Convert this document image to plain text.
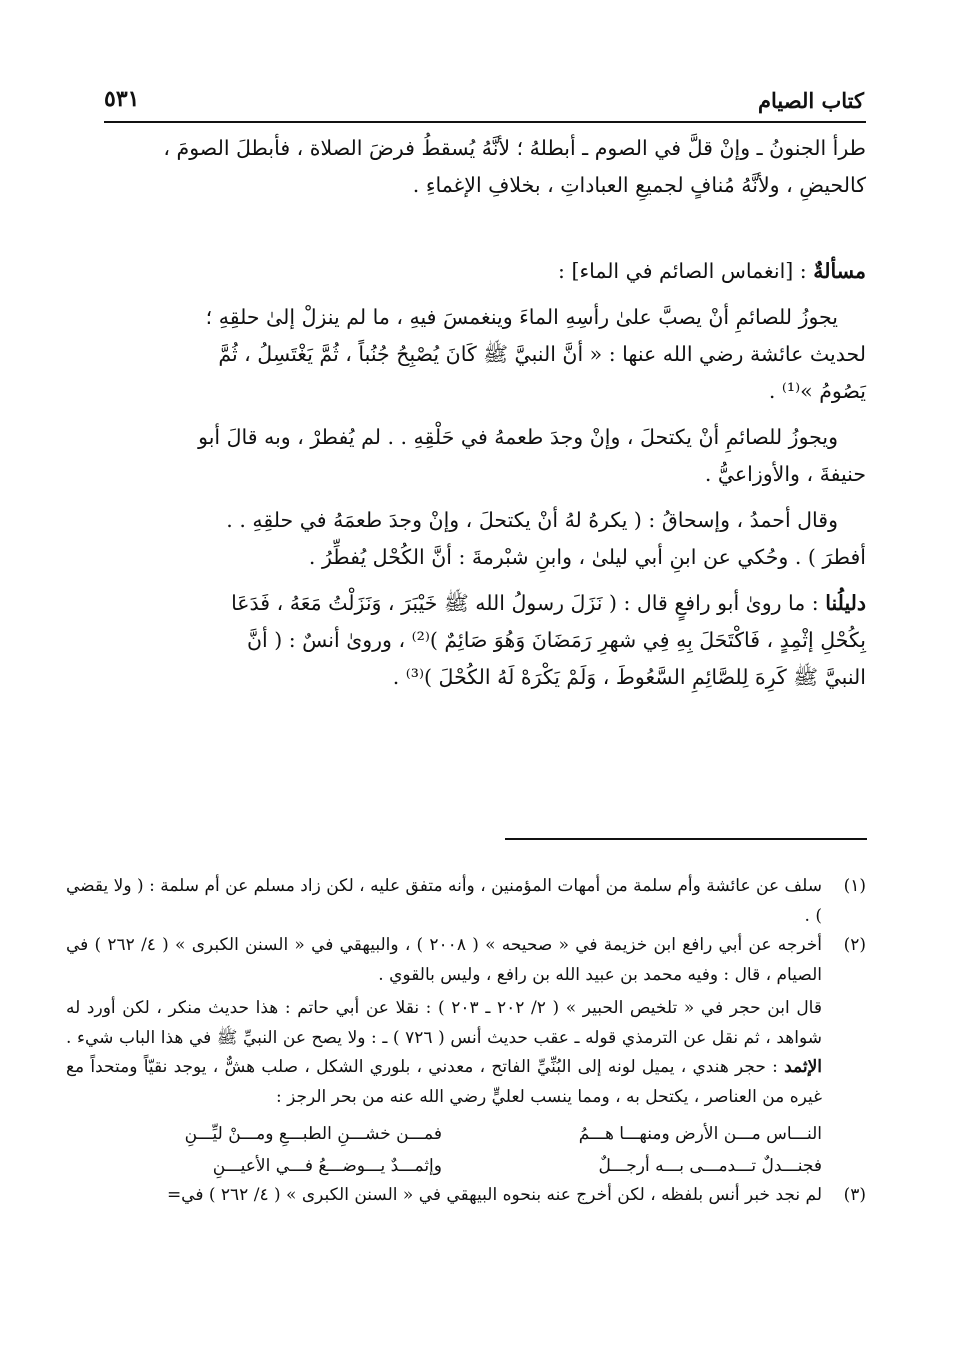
كتاب الصيام
٥٣١

طرأ الجنونُ ـ وإنْ قلَّ في الصوم ـ أبطلهُ ؛ لأنَّهُ يُسقطُ فرضَ الصلاة ، فأبطلَ الصومَ ،
كالحيضِ ، ولأنَّهُ مُنافٍ لجميعِ العباداتِ ، بخلافِ الإغماءِ .

مسألةٌ : [انغماس الصائم في الماء] :

يجوزُ للصائمِ أنْ يصبَّ علىٰ رأسِهِ الماءَ وينغمسَ فيهِ ، ما لم ينزلْ إلىٰ حلقِهِ ؛

لحديث عائشة رضي الله عنها : « أنَّ النبيَّ ﷺ كَانَ يُصْبِحُ جُنُباً ، ثُمَّ يَغْتَسِلُ ، ثُمَّ
يَصُومُ »⁽¹⁾ .

ويجوزُ للصائمِ أنْ يكتحلَ ، وإنْ وجدَ طعمهُ في حَلْقِهِ . . لم يُفطرْ ، وبه قالَ أبو

حنيفةَ ، والأوزاعيُّ .

وقال أحمدُ ، وإسحاقُ : ( يكرهُ لهُ أنْ يكتحلَ ، وإنْ وجدَ طعمَهُ في حلقِهِ . .

أفطرَ ) . وحُكي عن ابنِ أبي ليلىٰ ، وابنِ شبْرمةَ : أنَّ الكُحْل يُفطِّرُ .

دليلُنا : ما روىٰ أبو رافعٍ قال : ( نَزَلَ رسولُ الله ﷺ خَيْبَرَ ، وَنَزَلْتُ مَعَهُ ، فَدَعَا
بِكُحْلِ إثْمِدٍ ، فَاكْتَحَلَ بِهِ فِي شهرِ رَمَضَانَ وَهُوَ صَائِمٌ )⁽²⁾ ، وروىٰ أنسٌ : ( أنَّ
النبيَّ ﷺ كَرِهَ لِلصَّائِمِ السَّعُوطَ ، وَلَمْ يَكْرَهْ لَهُ الكُحْلَ )⁽³⁾ .

(١)
سلف عن عائشة وأم سلمة من أمهات المؤمنين ، وأنه متفق عليه ، لكن زاد مسلم عن أم سلمة : ( ولا يقضي ) .
(٢)
أخرجه عن أبي رافع ابن خزيمة في « صحيحه » ( ٢٠٠٨ ) ، والبيهقي في « السنن الكبرى » ( ٤/ ٢٦٢ ) في الصيام ، قال : وفيه محمد بن عبيد الله بن رافع ، وليس بالقوي .
قال ابن حجر في « تلخيص الحبير » ( ٢/ ٢٠٢ ـ ٢٠٣ ) : نقلا عن أبي حاتم : هذا حديث منكر ، لكن أورد له شواهد ، ثم نقل عن الترمذي قوله ـ عقب حديث أنس ( ٧٢٦ ) ـ : ولا يصح عن النبيِّ ﷺ في هذا الباب شيء . الإثمد : حجر هندي ، يميل لونه إلى البُنِّيِّ الفاتح ، معدني ، بلوري الشكل ، صلب هشٌّ ، يوجد نقيّاً ومتحداً مع غيره من العناصر ، يكتحل به ، ومما ينسب لعليٍّ رضي الله عنه من بحر الرجز :
النـــاس مـــن الأرض ومنهـــا هـــمُ
فمـــن خشـــنِ الطبـــعِ ومـــنْ ليِّـــنِ
فجنـــدلٌ تـــدمـــى بـــه أرجـــلٌ
وإثمـــدٌ يـــوضـــعُ فـــي الأعيـــنِ
(٣)
لم نجد خبر أنس بلفظه ، لكن أخرج عنه بنحوه البيهقي في « السنن الكبرى » ( ٤/ ٢٦٢ ) في=
